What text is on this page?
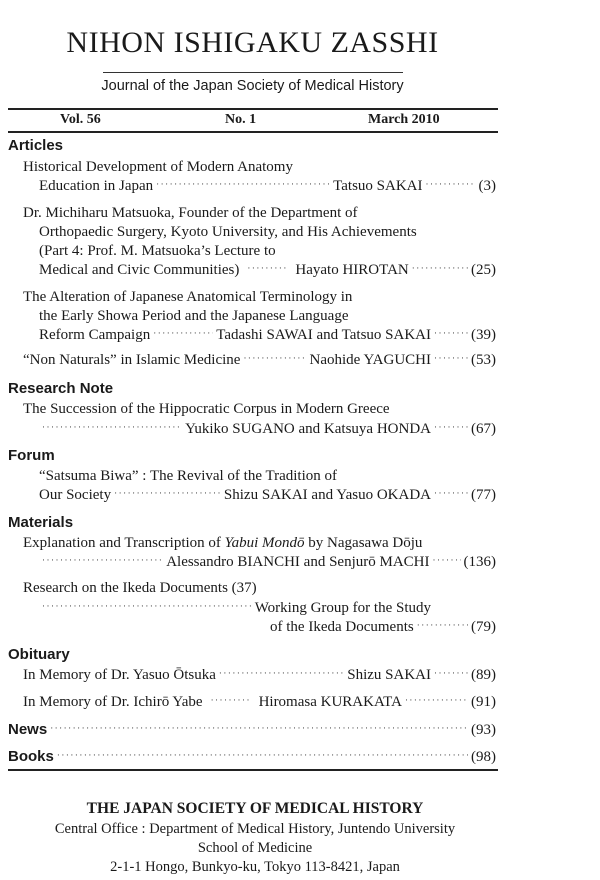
NIHON ISHIGAKU ZASSHI
Journal of the Japan Society of Medical History
Vol. 56	No. 1	March 2010
Articles
Historical Development of Modern Anatomy
Education in Japan ·····	Tatsuo SAKAI ·····	(3)
Dr. Michiharu Matsuoka, Founder of the Department of
Orthopaedic Surgery, Kyoto University, and His Achievements
(Part 4: Prof. M. Matsuoka’s Lecture to
Medical and Civic Communities) ·····	Hayato HIROTAN ·····	(25)
The Alteration of Japanese Anatomical Terminology in
the Early Showa Period and the Japanese Language
Reform Campaign ·····	Tadashi SAWAI and Tatsuo SAKAI ·····	(39)
“Non Naturals” in Islamic Medicine ·····	Naohide YAGUCHI ·····	(53)
Research Note
The Succession of the Hippocratic Corpus in Modern Greece
·····
Yukiko SUGANO and Katsuya HONDA ·····	(67)
Forum
“Satsuma Biwa” : The Revival of the Tradition of
Our Society ·····	Shizu SAKAI and Yasuo OKADA ·····	(77)
Materials
Explanation and Transcription of Yabui Mondō by Nagasawa Dōju
·····
Alessandro BIANCHI and Senjurō MACHI ····· (136)
Research on the Ikeda Documents (37)
·····
Working Group for the Study
of the Ikeda Documents ·····	(79)
Obituary
In Memory of Dr. Yasuo Ōtsuka ·····	Shizu SAKAI ·····	(89)
In Memory of Dr. Ichirō Yabe ·····	Hiromasa KURAKATA ·····	(91)
News ·····	(93)
Books ·····	(98)
THE JAPAN SOCIETY OF MEDICAL HISTORY
Central Office : Department of Medical History, Juntendo University
School of Medicine
2-1-1 Hongo, Bunkyo-ku, Tokyo 113-8421, Japan
